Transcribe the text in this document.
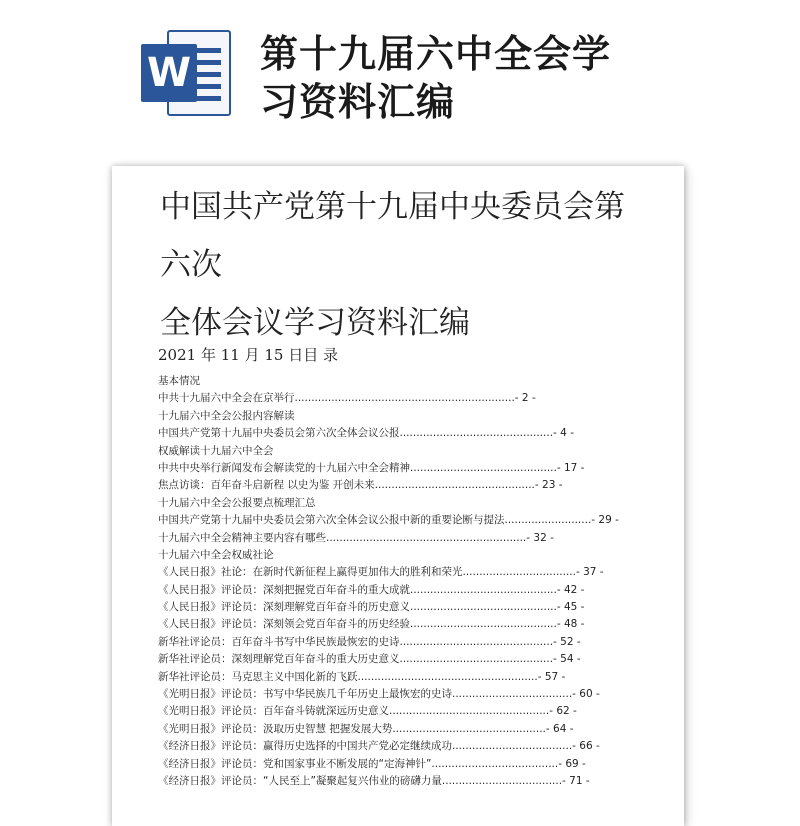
W 第十九届六中全会学
习资料汇编
中国共产党第十九届中央委员会第
六次
全体会议学习资料汇编
2021 年 11 月 15 日目 录
基本情况
中共十九届六中全会在京举行..................................................................- 2 -
十九届六中全会公报内容解读
中国共产党第十九届中央委员会第六次全体会议公报..............................................- 4 -
权威解读十九届六中全会
中共中央举行新闻发布会解读党的十九届六中全会精神............................................- 17 -
焦点访谈：百年奋斗启新程 以史为鉴 开创未来................................................- 23 -
十九届六中全会公报要点梳理汇总
中国共产党第十九届中央委员会第六次全体会议公报中新的重要论断与提法..........................- 29 -
十九届六中全会精神主要内容有哪些............................................................- 32 -
十九届六中全会权威社论
《人民日报》社论：在新时代新征程上赢得更加伟大的胜利和荣光..................................- 37 -
《人民日报》评论员：深刻把握党百年奋斗的重大成就............................................- 42 -
《人民日报》评论员：深刻理解党百年奋斗的历史意义............................................- 45 -
《人民日报》评论员：深刻领会党百年奋斗的历史经验............................................- 48 -
新华社评论员：百年奋斗书写中华民族最恢宏的史诗..............................................- 52 -
新华社评论员：深刻理解党百年奋斗的重大历史意义..............................................- 54 -
新华社评论员：马克思主义中国化新的飞跃......................................................- 57 -
《光明日报》评论员：书写中华民族几千年历史上最恢宏的史诗....................................- 60 -
《光明日报》评论员：百年奋斗铸就深远历史意义................................................- 62 -
《光明日报》评论员：汲取历史智慧 把握发展大势..............................................- 64 -
《经济日报》评论员：赢得历史选择的中国共产党必定继续成功....................................- 66 -
《经济日报》评论员：党和国家事业不断发展的“定海神针”......................................- 69 -
《经济日报》评论员：“人民至上”凝聚起复兴伟业的磅礴力量....................................- 71 -
